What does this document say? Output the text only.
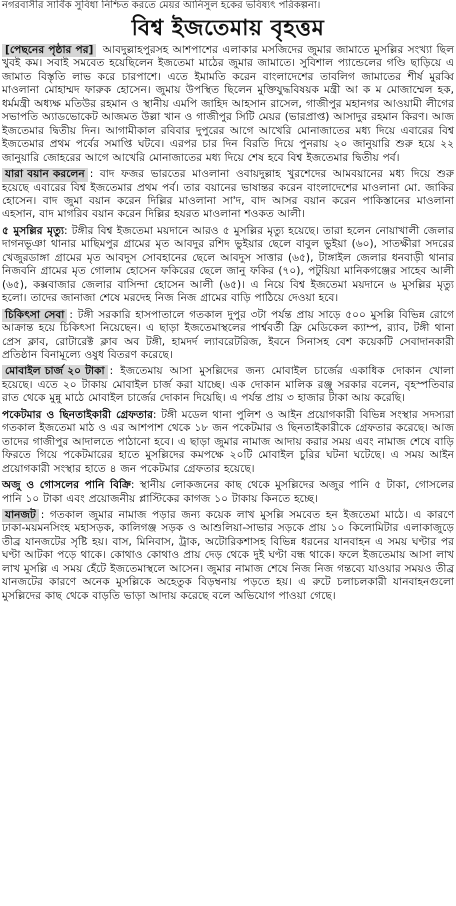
নগরবাসীর সার্বিক সুবিধা নিশ্চিত করতে মেয়র আনিসুল হকের ভবিষ্যৎ পরিকল্পনা।
বিশ্ব ইজতেমায় বৃহত্তম

[পেছনের পৃষ্ঠার পর] আবদুল্লাহপুরসহ আশপাশের এলাকার মসজিদের জুমার জামাতে মুসল্লির সংখ্যা ছিল খুবই কম। সবাই সমবেত হয়েছিলেন ইজতেমা মাঠের জুমার জামাতে। সুবিশাল প্যান্ডেলের গণ্ডি ছাড়িয়ে এ জামাত বিস্তৃতি লাভ করে চারপাশে। এতে ইমামতি করেন বাংলাদেশের তাবলিগ জামাতের শীর্ষ মুরব্বি মাওলানা মোহাম্মদ ফারুক হোসেন। জুমায় উপস্থিত ছিলেন মুক্তিযুদ্ধবিষয়ক মন্ত্রী আ ক ম মোজাম্মেল হক, ধর্মমন্ত্রী অধ্যক্ষ মতিউর রহমান ও স্থানীয় এমপি জাহিদ আহসান রাসেল, গাজীপুর মহানগর আওয়ামী লীগের সভাপতি অ্যাডভোকেট আজমত উল্লা খান ও গাজীপুর সিটি মেয়র (ভারপ্রাপ্ত) আসাদুর রহমান কিরণ। আজ ইজতেমার দ্বিতীয় দিন। আগামীকাল রবিবার দুপুরের আগে আখেরি মোনাজাতের মধ্য দিয়ে এবারের বিশ্ব ইজতেমার প্রথম পর্বের সমাপ্তি ঘটবে। এরপর চার দিন বিরতি দিয়ে পুনরায় ২০ জানুয়ারি শুরু হয়ে ২২ জানুয়ারি জোহরের আগে আখেরি মোনাজাতের মধ্য দিয়ে শেষ হবে বিশ্ব ইজতেমার দ্বিতীয় পর্ব।

যারা বয়ান করলেন : বাদ ফজর ভারতের মাওলানা ওবায়দুল্লাহ খুরশেদের আমবয়ানের মধ্য দিয়ে শুরু হয়েছে এবারের বিশ্ব ইজতেমার প্রথম পর্ব। তার বয়ানের ভাষান্তর করেন বাংলাদেশের মাওলানা মো. জাকির হোসেন। বাদ জুমা বয়ান করেন দিল্লির মাওলানা সা'দ, বাদ আসর বয়ান করেন পাকিস্তানের মাওলানা এহসান, বাদ মাগরিব বয়ান করেন দিল্লির হযরত মাওলানা শওকত আলী।

৫ মুসল্লির মৃত্যু: টঙ্গীর বিশ্ব ইজতেমা ময়দানে আরও ৫ মুসল্লির মৃত্যু হয়েছে। তারা হলেন নোয়াখালী জেলার দাগনভূঞা থানার মাছিমপুর গ্রামের মৃত আবদুর রশিদ ভুইয়ার ছেলে বাবুল ভুইয়া (৬০), সাতক্ষীরা সদরের খেজুরডাঙ্গা গ্রামের মৃত আবদুস সোবহানের ছেলে আবদুস সাত্তার (৬৫), টাঙ্গাইল জেলার ধনবাড়ী থানার নিজবনি গ্রামের মৃত গোলাম হোসেন ফকিরের ছেলে জানু ফকির (৭০), পটুয়িয়া মানিকগঞ্জের সাহেব আলী (৬৫), কক্সবাজার জেলার বাসিন্দা হোসেন আলী (৬৫)। এ নিয়ে বিশ্ব ইজতেমা ময়দানে ৬ মুসল্লির মৃত্যু হলো। তাদের জানাজা শেষে মরদেহ নিজ নিজ গ্রামের বাড়ি পাঠিয়ে দেওয়া হবে।

চিকিৎসা সেবা : টঙ্গী সরকারি হাসপাতালে গতকাল দুপুর ৩টা পর্যন্ত প্রায় সাড়ে ৫০০ মুসল্লি বিভিন্ন রোগে আক্রান্ত হয়ে চিকিৎসা নিয়েছেন। এ ছাড়া ইজতেমাস্থলের পার্শ্ববর্তী ফ্রি মেডিকেল ক্যাম্প, র‍্যাব, টঙ্গী থানা প্রেস ক্লাব, রোটারেক্ট ক্লাব অব টঙ্গী, হামদর্দ ল্যাবরেটরিজ, ইবনে সিনাসহ বেশ কয়েকটি সেবাদানকারী প্রতিষ্ঠান বিনামূল্যে ওষুধ বিতরণ করেছে।

মোবাইল চার্জ ২০ টাকা : ইজতেমায় আসা মুসল্লিদের জন্য মোবাইল চার্জের একাধিক দোকান খোলা হয়েছে। এতে ২০ টাকায় মোবাইল চার্জ করা যাচ্ছে। এক দোকান মালিক রঞ্জু সরকার বলেন, বৃহস্পতিবার রাত থেকে মুন্নু মাঠে মোবাইল চার্জের দোকান দিয়েছি। এ পর্যন্ত প্রায় ৩ হাজার টাকা আয় করেছি।

পকেটমার ও ছিনতাইকারী গ্রেফতার: টঙ্গী মডেল থানা পুলিশ ও আইন প্রয়োগকারী বিভিন্ন সংস্থার সদস্যরা গতকাল ইজতেমা মাঠ ও এর আশপাশ থেকে ১৮ জন পকেটমার ও ছিনতাইকারীকে গ্রেফতার করেছে। আজ তাদের গাজীপুর আদালতে পাঠানো হবে। এ ছাড়া জুমার নামাজ আদায় করার সময় এবং নামাজ শেষে বাড়ি ফিরতে গিয়ে পকেটমারের হাতে মুসল্লিদের কমপক্ষে ২০টি মোবাইল চুরির ঘটনা ঘটেছে। এ সময় আইন প্রয়োগকারী সংস্থার হাতে ৪ জন পকেটমার গ্রেফতার হয়েছে।

অজু ও গোসলের পানি বিক্রি: স্থানীয় লোকজনের কাছ থেকে মুসল্লিদের অজুর পানি ৫ টাকা, গোসলের পানি ১০ টাকা এবং প্রয়োজনীয় প্লাস্টিকের কাগজ ১০ টাকায় কিনতে হচ্ছে।

যানজট : গতকাল জুমার নামাজ পড়ার জন্য কয়েক লাখ মুসল্লি সমবেত হন ইজতেমা মাঠে। এ কারণে ঢাকা-ময়মনসিংহ মহাসড়ক, কালিগঞ্জ সড়ক ও আশুলিয়া-সাভার সড়কে প্রায় ১০ কিলোমিটার এলাকাজুড়ে তীব্র যানজটের সৃষ্টি হয়। বাস, মিনিবাস, ট্রাক, অটোরিকশাসহ বিভিন্ন ধরনের যানবাহন এ সময় ঘণ্টার পর ঘণ্টা আটকা পড়ে থাকে। কোথাও কোথাও প্রায় দেড় থেকে দুই ঘণ্টা বন্ধ থাকে। ফলে ইজতেমায় আসা লাখ লাখ মুসল্লি এ সময় হেঁটে ইজতেমাস্থলে আসেন। জুমার নামাজ শেষে নিজ নিজ গন্তব্যে যাওয়ার সময়ও তীব্র যানজটের কারণে অনেক মুসল্লিকে অহেতুক বিড়ম্বনায় পড়তে হয়। এ রুটে চলাচলকারী যানবাহনগুলো মুসল্লিদের কাছ থেকে বাড়তি ভাড়া আদায় করেছে বলে অভিযোগ পাওয়া গেছে।
